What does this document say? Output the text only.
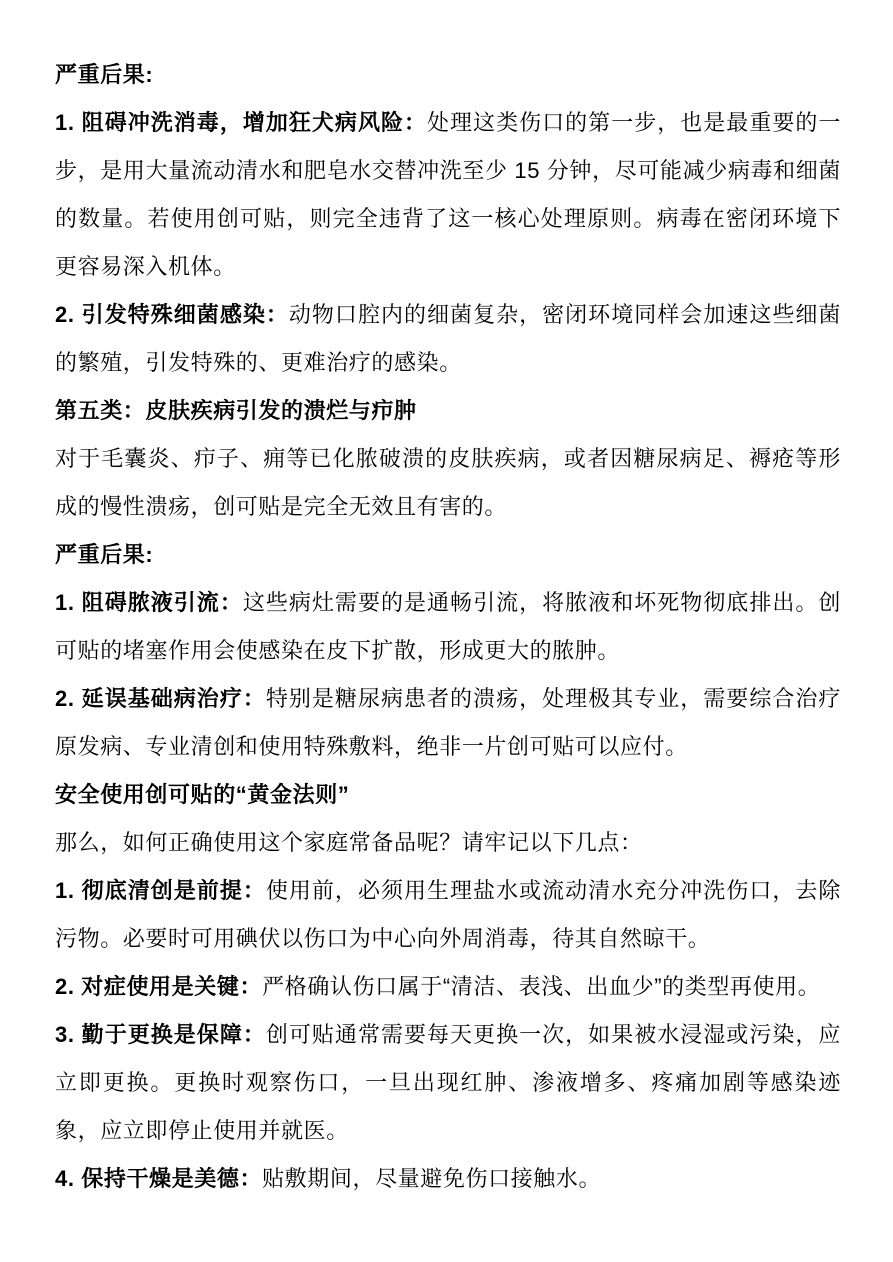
严重后果:

1. 阻碍冲洗消毒，增加狂犬病风险：处理这类伤口的第一步，也是最重要的一步，是用大量流动清水和肥皂水交替冲洗至少 15 分钟，尽可能减少病毒和细菌的数量。若使用创可贴，则完全违背了这一核心处理原则。病毒在密闭环境下更容易深入机体。

2. 引发特殊细菌感染：动物口腔内的细菌复杂，密闭环境同样会加速这些细菌的繁殖，引发特殊的、更难治疗的感染。

第五类：皮肤疾病引发的溃烂与疖肿

对于毛囊炎、疖子、痈等已化脓破溃的皮肤疾病，或者因糖尿病足、褥疮等形成的慢性溃疡，创可贴是完全无效且有害的。

严重后果:

1. 阻碍脓液引流：这些病灶需要的是通畅引流，将脓液和坏死物彻底排出。创可贴的堵塞作用会使感染在皮下扩散，形成更大的脓肿。

2. 延误基础病治疗：特别是糖尿病患者的溃疡，处理极其专业，需要综合治疗原发病、专业清创和使用特殊敷料，绝非一片创可贴可以应付。

安全使用创可贴的“黄金法则”

那么，如何正确使用这个家庭常备品呢？请牢记以下几点：

1. 彻底清创是前提：使用前，必须用生理盐水或流动清水充分冲洗伤口，去除污物。必要时可用碘伏以伤口为中心向外周消毒，待其自然晾干。

2. 对症使用是关键：严格确认伤口属于“清洁、表浅、出血少”的类型再使用。

3. 勤于更换是保障：创可贴通常需要每天更换一次，如果被水浸湿或污染，应立即更换。更换时观察伤口，一旦出现红肿、渗液增多、疼痛加剧等感染迹象，应立即停止使用并就医。

4. 保持干燥是美德：贴敷期间，尽量避免伤口接触水。
